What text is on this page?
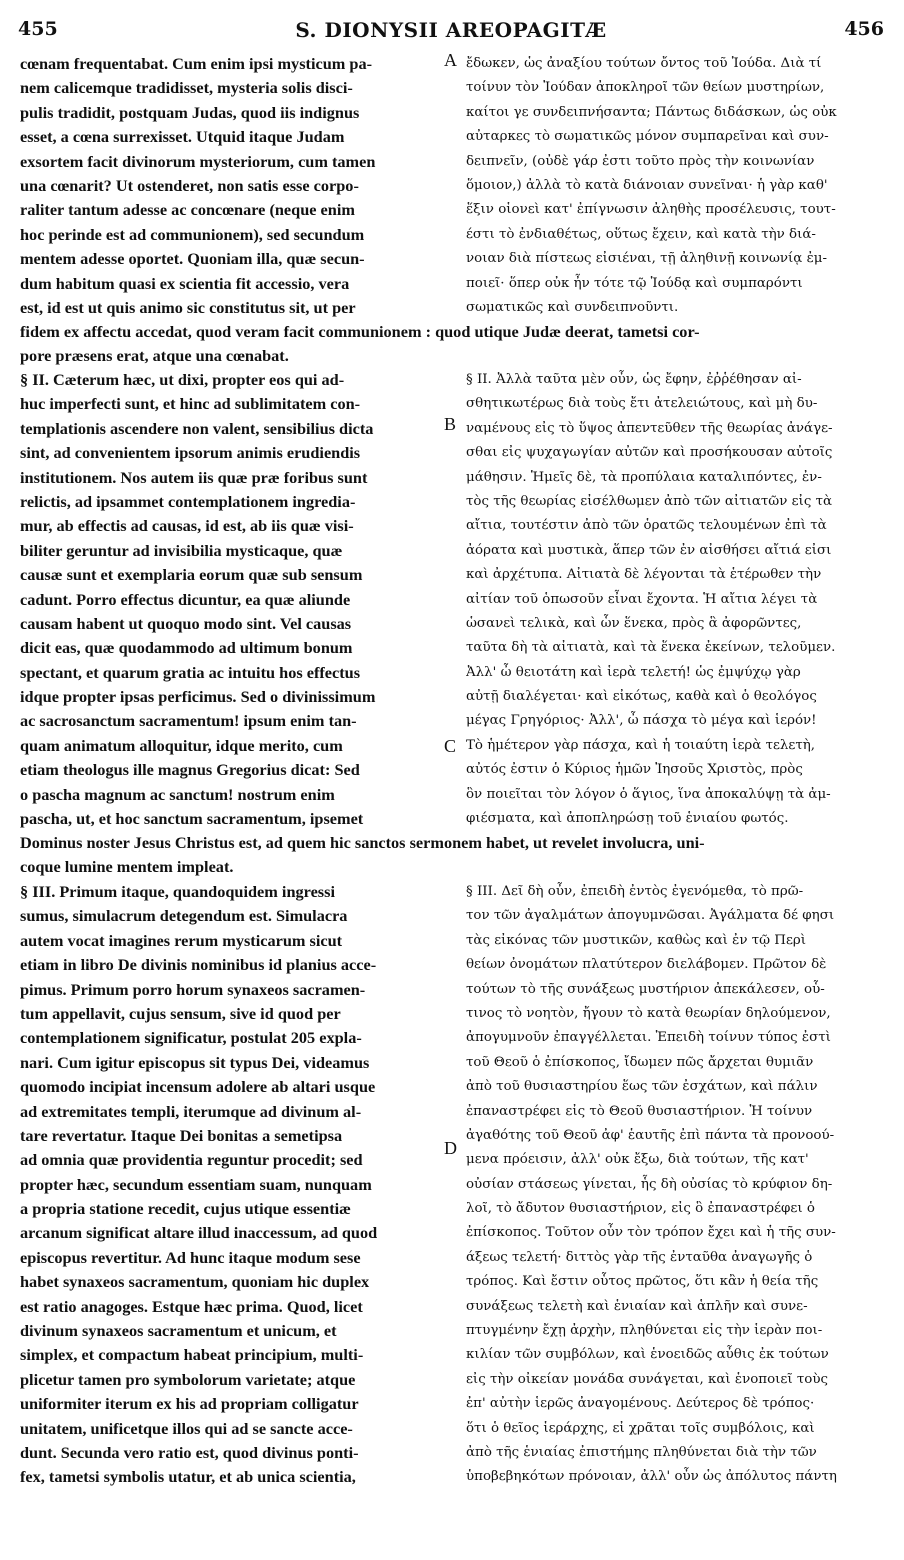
455	S. DIONYSII AREOPAGITÆ	456
A
B
C
D
cœnam frequentabat. Cum enim ipsi mysticum pa-
nem calicemque tradidisset, mysteria solis disci-
pulis tradidit, postquam Judas, quod iis indignus
esset, a cœna surrexisset. Utquid itaque Judam
exsortem facit divinorum mysteriorum, cum tamen
una cœnarit? Ut ostenderet, non satis esse corpo-
raliter tantum adesse ac concœnare (neque enim
hoc perinde est ad communionem), sed secundum
mentem adesse oportet. Quoniam illa, quæ secun-
dum habitum quasi ex scientia fit accessio, vera
est, id est ut quis animo sic constitutus sit, ut per
ἔδωκεν, ὡς ἀναξίου τούτων ὄντος τοῦ Ἰούδα. Διὰ τί
τοίνυν τὸν Ἰούδαν ἀποκληροῖ τῶν θείων μυστηρίων,
καίτοι γε συνδειπνήσαντα; Πάντως διδάσκων, ὡς οὐκ
αὐταρκες τὸ σωματικῶς μόνον συμπαρεῖναι καὶ συν-
δειπνεῖν, (οὐδὲ γάρ ἐστι τοῦτο πρὸς τὴν κοινωνίαν
ὅμοιον,) ἀλλὰ τὸ κατὰ διάνοιαν συνεῖναι· ἡ γὰρ καθ'
ἕξιν οἱονεὶ κατ' ἐπίγνωσιν ἀληθὴς προσέλευσις, τουτ-
έστι τὸ ἐνδιαθέτως, οὕτως ἔχειν, καὶ κατὰ τὴν διά-
νοιαν διὰ πίστεως εἰσιέναι, τῇ ἀληθινῇ κοινωνίᾳ ἐμ-
ποιεῖ· ὅπερ οὐκ ἦν τότε τῷ Ἰούδᾳ καὶ συμπαρόντι
σωματικῶς καὶ συνδειπνοῦντι.
fidem ex affectu accedat, quod veram facit communionem : quod utique Judæ deerat, tametsi cor-
pore præsens erat, atque una cœnabat.
§ II. Cæterum hæc, ut dixi, propter eos qui ad-
huc imperfecti sunt, et hinc ad sublimitatem con-
templationis ascendere non valent, sensibilius dicta
sint, ad convenientem ipsorum animis erudiendis
institutionem. Nos autem iis quæ præ foribus sunt
relictis, ad ipsammet contemplationem ingrediа-
mur, ab effectis ad causas, id est, ab iis quæ visi-
biliter geruntur ad invisibilia mysticaque, quæ
causæ sunt et exemplaria eorum quæ sub sensum
cadunt. Porro effectus dicuntur, ea quæ aliunde
causam habent ut quoquo modo sint. Vel causas
dicit eas, quæ quodammodo ad ultimum bonum
spectant, et quarum gratia ac intuitu hos effectus
idque propter ipsas perficimus. Sed o divinissimum
ac sacrosanctum sacramentum! ipsum enim tan-
quam animatum alloquitur, idque merito, cum
etiam theologus ille magnus Gregorius dicat: Sed
o pascha magnum ac sanctum! nostrum enim
pascha, ut, et hoc sanctum sacramentum, ipsemet
§ II. Ἀλλὰ ταῦτα μὲν οὖν, ὡς ἔφην, ἐῤῥέθησαν αἰ-
σθητικωτέρως διὰ τοὺς ἔτι ἀτελειώτους, καὶ μὴ δυ-
ναμένους εἰς τὸ ὕψος ἀπεντεῦθεν τῆς θεωρίας ἀνάγε-
σθαι εἰς ψυχαγωγίαν αὐτῶν καὶ προσήκουσαν αὐτοῖς
μάθησιν. Ἡμεῖς δὲ, τὰ προπύλαια καταλιπόντες, ἐν-
τὸς τῆς θεωρίας εἰσέλθωμεν ἀπὸ τῶν αἰτιατῶν εἰς τὰ
αἴτια, τουτέστιν ἀπὸ τῶν ὁρατῶς τελουμένων ἐπὶ τὰ
ἀόρατα καὶ μυστικὰ, ἅπερ τῶν ἐν αἰσθήσει αἴτιά εἰσι
καὶ ἀρχέτυπα. Αἰτιατὰ δὲ λέγονται τὰ ἑτέρωθεν τὴν
αἰτίαν τοῦ ὁπωσοῦν εἶναι ἔχοντα. Ἡ αἴτια λέγει τὰ
ὡσανεὶ τελικὰ, καὶ ὧν ἕνεκα, πρὸς ἃ ἀφορῶντες,
ταῦτα δὴ τὰ αἰτιατὰ, καὶ τὰ ἕνεκα ἐκείνων, τελοῦμεν.
Ἀλλ' ὦ θειοτάτη καὶ ἱερὰ τελετή! ὡς ἐμψύχῳ γὰρ
αὐτῇ διαλέγεται· καὶ εἰκότως, καθὰ καὶ ὁ θεολόγος
μέγας Γρηγόριος· Ἀλλ', ὦ πάσχα τὸ μέγα καὶ ἱερόν!
Τὸ ἡμέτερον γὰρ πάσχα, καὶ ἡ τοιαύτη ἱερὰ τελετὴ,
αὐτός ἐστιν ὁ Κύριος ἡμῶν Ἰησοῦς Χριστὸς, πρὸς
ὃν ποιεῖται τὸν λόγον ὁ ἅγιος, ἵνα ἀποκαλύψῃ τὰ ἀμ-
φιέσματα, καὶ ἀποπληρώσῃ τοῦ ἑνιαίου φωτός.
Dominus noster Jesus Christus est, ad quem hic sanctos sermonem habet, ut revelet involucra, uni-
coque lumine mentem impleat.
§ III. Primum itaque, quandoquidem ingressi
sumus, simulacrum detegendum est. Simulacra
autem vocat imagines rerum mysticarum sicut
etiam in libro De divinis nominibus id planius acce-
pimus. Primum porro horum synaxeos sacramen-
tum appellavit, cujus sensum, sive id quod per
contemplationem significatur, postulat 205 expla-
nari. Cum igitur episcopus sit typus Dei, videamus
quomodo incipiat incensum adolere ab altari usque
ad extremitates templi, iterumque ad divinum al-
tare revertatur. Itaque Dei bonitas a semetipsa
ad omnia quæ providentia reguntur procedit; sed
propter hæc, secundum essentiam suam, nunquam
a propria statione recedit, cujus utique essentiæ
arcanum significat altare illud inaccessum, ad quod
episcopus revertitur. Ad hunc itaque modum sese
habet synaxeos sacramentum, quoniam hic duplex
est ratio anagoges. Estque hæc prima. Quod, licet
divinum synaxeos sacramentum et unicum, et
simplex, et compactum habeat principium, multi-
plicetur tamen pro symbolorum varietate; atque
uniformiter iterum ex his ad propriam colligatur
unitatem, unificetque illos qui ad se sancte acce-
dunt. Secunda vero ratio est, quod divinus ponti-
fex, tametsi symbolis utatur, et ab unica scientia,
§ III. Δεῖ δὴ οὖν, ἐπειδὴ ἐντὸς ἐγενόμεθα, τὸ πρῶ-
τον τῶν ἀγαλμάτων ἀπογυμνῶσαι. Ἀγάλματα δέ φησι
τὰς εἰκόνας τῶν μυστικῶν, καθὼς καὶ ἐν τῷ Περὶ
θείων ὀνομάτων πλατύτερον διελάβομεν. Πρῶτον δὲ
τούτων τὸ τῆς συνάξεως μυστήριον ἀπεκάλεσεν, οὗ-
τινος τὸ νοητὸν, ἤγουν τὸ κατὰ θεωρίαν δηλούμενον,
ἀπογυμνοῦν ἐπαγγέλλεται. Ἐπειδὴ τοίνυν τύπος ἐστὶ
τοῦ Θεοῦ ὁ ἐπίσκοπος, ἴδωμεν πῶς ἄρχεται θυμιᾶν
ἀπὸ τοῦ θυσιαστηρίου ἕως τῶν ἐσχάτων, καὶ πάλιν
ἐπαναστρέφει εἰς τὸ Θεοῦ θυσιαστήριον. Ἡ τοίνυν
ἀγαθότης τοῦ Θεοῦ ἀφ' ἑαυτῆς ἐπὶ πάντα τὰ προνοού-
μενα πρόεισιν, ἀλλ' οὐκ ἔξω, διὰ τούτων, τῆς κατ'
οὐσίαν στάσεως γίνεται, ἧς δὴ οὐσίας τὸ κρύφιον δη-
λοῖ, τὸ ἄδυτον θυσιαστήριον, εἰς ὃ ἐπαναστρέφει ὁ
ἐπίσκοπος. Τοῦτον οὖν τὸν τρόπον ἔχει καὶ ἡ τῆς συν-
άξεως τελετή· διττὸς γὰρ τῆς ἐνταῦθα ἀναγωγῆς ὁ
τρόπος. Καὶ ἔστιν οὗτος πρῶτος, ὅτι κἂν ἡ θεία τῆς
συνάξεως τελετὴ καὶ ἑνιαίαν καὶ ἁπλῆν καὶ συνε-
πτυγμένην ἔχῃ ἀρχὴν, πληθύνεται εἰς τὴν ἱερὰν ποι-
κιλίαν τῶν συμβόλων, καὶ ἑνοειδῶς αὖθις ἐκ τούτων
εἰς τὴν οἰκείαν μονάδα συνάγεται, καὶ ἑνοποιεῖ τοὺς
ἐπ' αὐτὴν ἱερῶς ἀναγομένους. Δεύτερος δὲ τρόπος·
ὅτι ὁ θεῖος ἱεράρχης, εἰ χρᾶται τοῖς συμβόλοις, καὶ
ἀπὸ τῆς ἑνιαίας ἐπιστήμης πληθύνεται διὰ τὴν τῶν
ὑποβεβηκότων πρόνοιαν, ἀλλ' οὖν ὡς ἀπόλυτος πάντη
